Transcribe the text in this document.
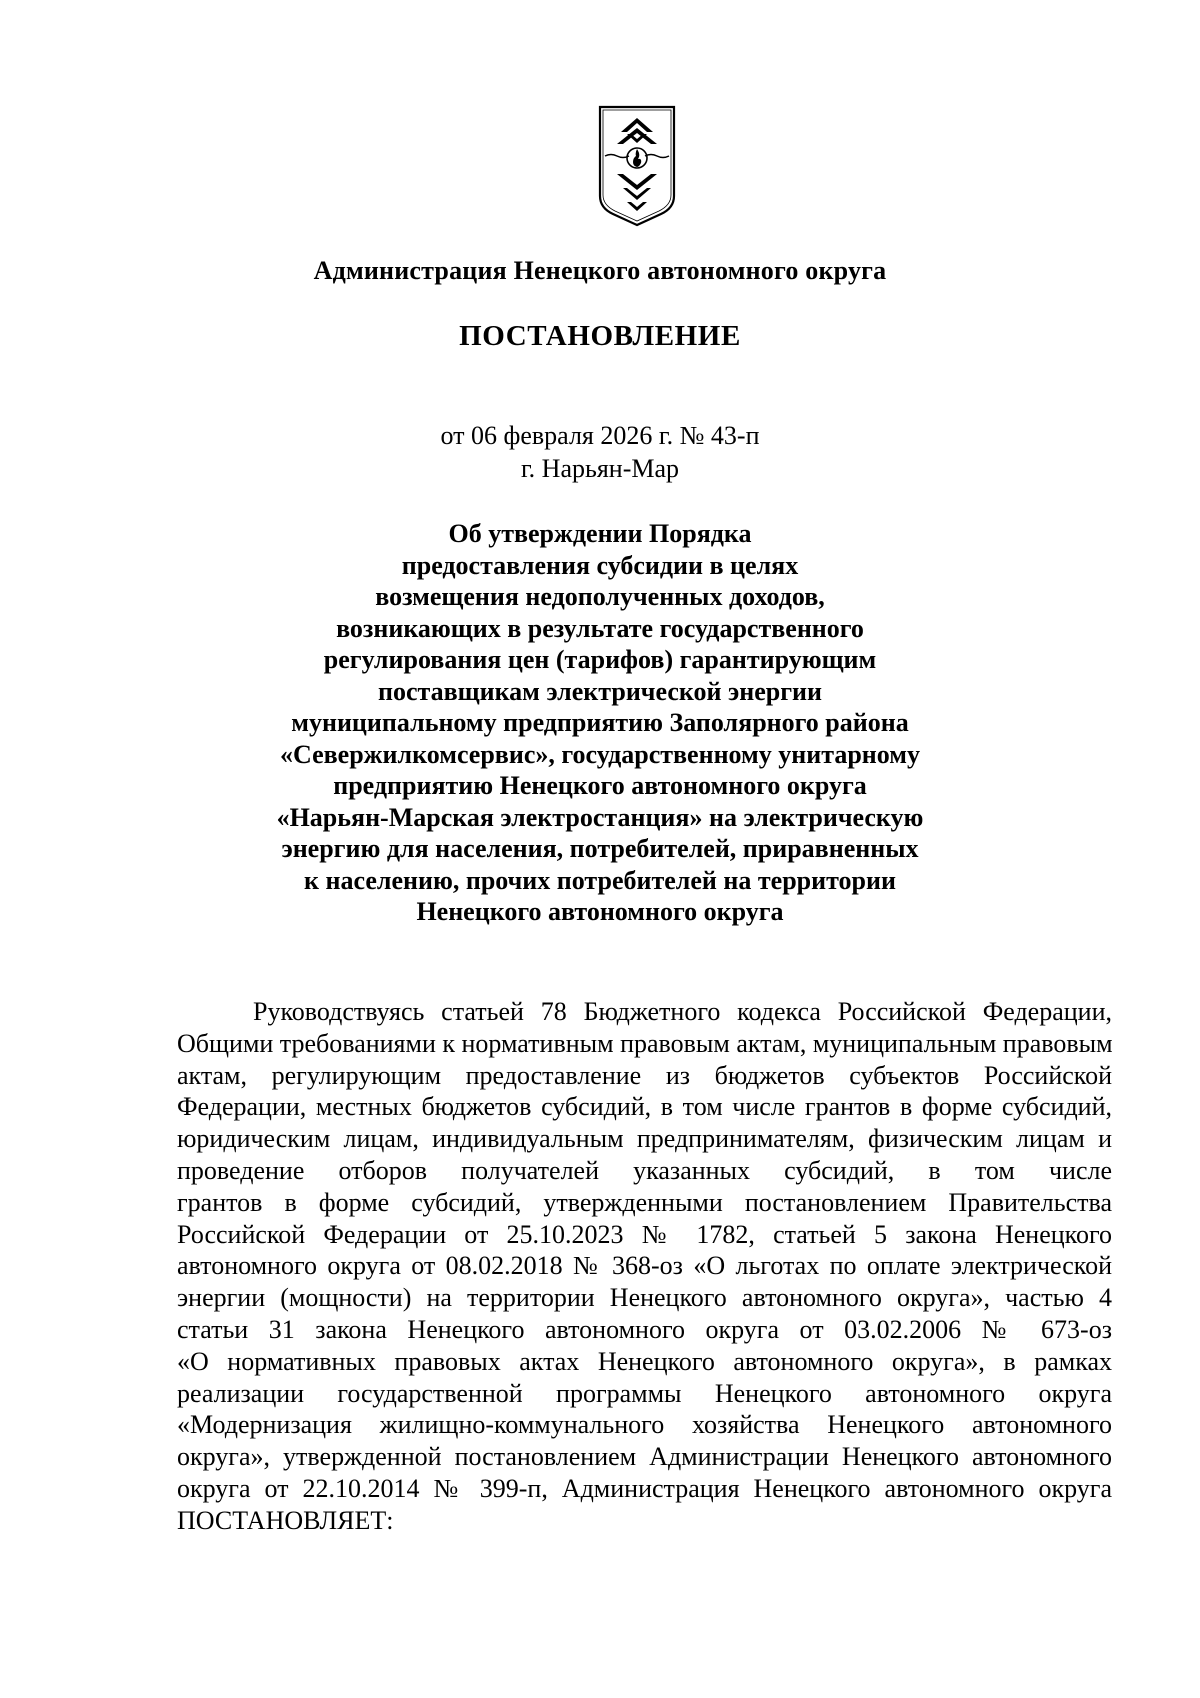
Администрация Ненецкого автономного округа
ПОСТАНОВЛЕНИЕ
от 06 февраля 2026 г. № 43-п
г. Нарьян-Мар
Об утверждении Порядка
предоставления субсидии в целях
возмещения недополученных доходов,
возникающих в результате государственного
регулирования цен (тарифов) гарантирующим
поставщикам электрической энергии
муниципальному предприятию Заполярного района
«Севержилкомсервис», государственному унитарному
предприятию Ненецкого автономного округа
«Нарьян-Марская электростанция» на электрическую
энергию для населения, потребителей, приравненных
к населению, прочих потребителей на территории
Ненецкого автономного округа
Руководствуясь статьей 78 Бюджетного кодекса Российской Федерации,
Общими требованиями к нормативным правовым актам, муниципальным правовым
актам, регулирующим предоставление из бюджетов субъектов Российской
Федерации, местных бюджетов субсидий, в том числе грантов в форме субсидий,
юридическим лицам, индивидуальным предпринимателям, физическим лицам и
проведение отборов получателей указанных субсидий, в том числе
грантов в форме субсидий, утвержденными постановлением Правительства
Российской Федерации от 25.10.2023 № 1782, статьей 5 закона Ненецкого
автономного округа от 08.02.2018 № 368-оз «О льготах по оплате электрической
энергии (мощности) на территории Ненецкого автономного округа», частью 4
статьи 31 закона Ненецкого автономного округа от 03.02.2006 № 673-оз
«О нормативных правовых актах Ненецкого автономного округа», в рамках
реализации государственной программы Ненецкого автономного округа
«Модернизация жилищно-коммунального хозяйства Ненецкого автономного
округа», утвержденной постановлением Администрации Ненецкого автономного
округа от 22.10.2014 № 399-п, Администрация Ненецкого автономного округа
ПОСТАНОВЛЯЕТ:
